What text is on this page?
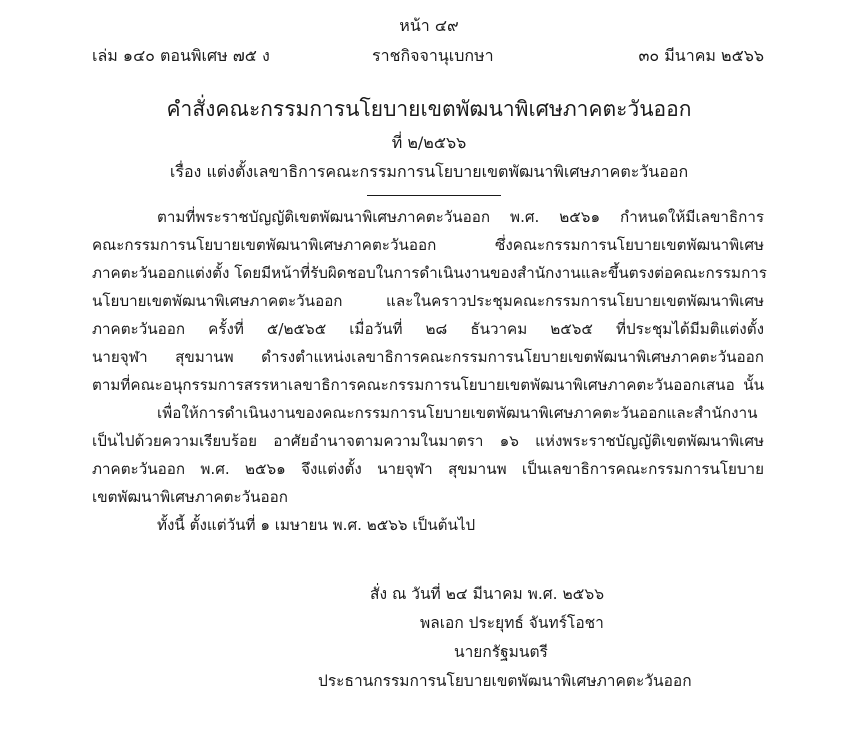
หน้า ๔๙
เล่ม ๑๔๐ ตอนพิเศษ ๗๕ ง	ราชกิจจานุเบกษา	๓๐ มีนาคม ๒๕๖๖
คำสั่งคณะกรรมการนโยบายเขตพัฒนาพิเศษภาคตะวันออก
ที่ ๒/๒๕๖๖
เรื่อง แต่งตั้งเลขาธิการคณะกรรมการนโยบายเขตพัฒนาพิเศษภาคตะวันออก
ตามที่พระราชบัญญัติเขตพัฒนาพิเศษภาคตะวันออก พ.ศ. ๒๕๖๑ กำหนดให้มีเลขาธิการ
คณะกรรมการนโยบายเขตพัฒนาพิเศษภาคตะวันออก ซึ่งคณะกรรมการนโยบายเขตพัฒนาพิเศษ
ภาคตะวันออกแต่งตั้ง โดยมีหน้าที่รับผิดชอบในการดำเนินงานของสำนักงานและขึ้นตรงต่อคณะกรรมการ
นโยบายเขตพัฒนาพิเศษภาคตะวันออก และในคราวประชุมคณะกรรมการนโยบายเขตพัฒนาพิเศษ
ภาคตะวันออก ครั้งที่ ๕/๒๕๖๕ เมื่อวันที่ ๒๘ ธันวาคม ๒๕๖๕ ที่ประชุมได้มีมติแต่งตั้ง
นายจุฬา สุขมานพ ดำรงตำแหน่งเลขาธิการคณะกรรมการนโยบายเขตพัฒนาพิเศษภาคตะวันออก
ตามที่คณะอนุกรรมการสรรหาเลขาธิการคณะกรรมการนโยบายเขตพัฒนาพิเศษภาคตะวันออกเสนอ นั้น
เพื่อให้การดำเนินงานของคณะกรรมการนโยบายเขตพัฒนาพิเศษภาคตะวันออกและสำนักงาน
เป็นไปด้วยความเรียบร้อย อาศัยอำนาจตามความในมาตรา ๑๖ แห่งพระราชบัญญัติเขตพัฒนาพิเศษ
ภาคตะวันออก พ.ศ. ๒๕๖๑ จึงแต่งตั้ง นายจุฬา สุขมานพ เป็นเลขาธิการคณะกรรมการนโยบาย
เขตพัฒนาพิเศษภาคตะวันออก
ทั้งนี้ ตั้งแต่วันที่ ๑ เมษายน พ.ศ. ๒๕๖๖ เป็นต้นไป
สั่ง ณ วันที่ ๒๔ มีนาคม พ.ศ. ๒๕๖๖
พลเอก ประยุทธ์ จันทร์โอชา
นายกรัฐมนตรี
ประธานกรรมการนโยบายเขตพัฒนาพิเศษภาคตะวันออก
